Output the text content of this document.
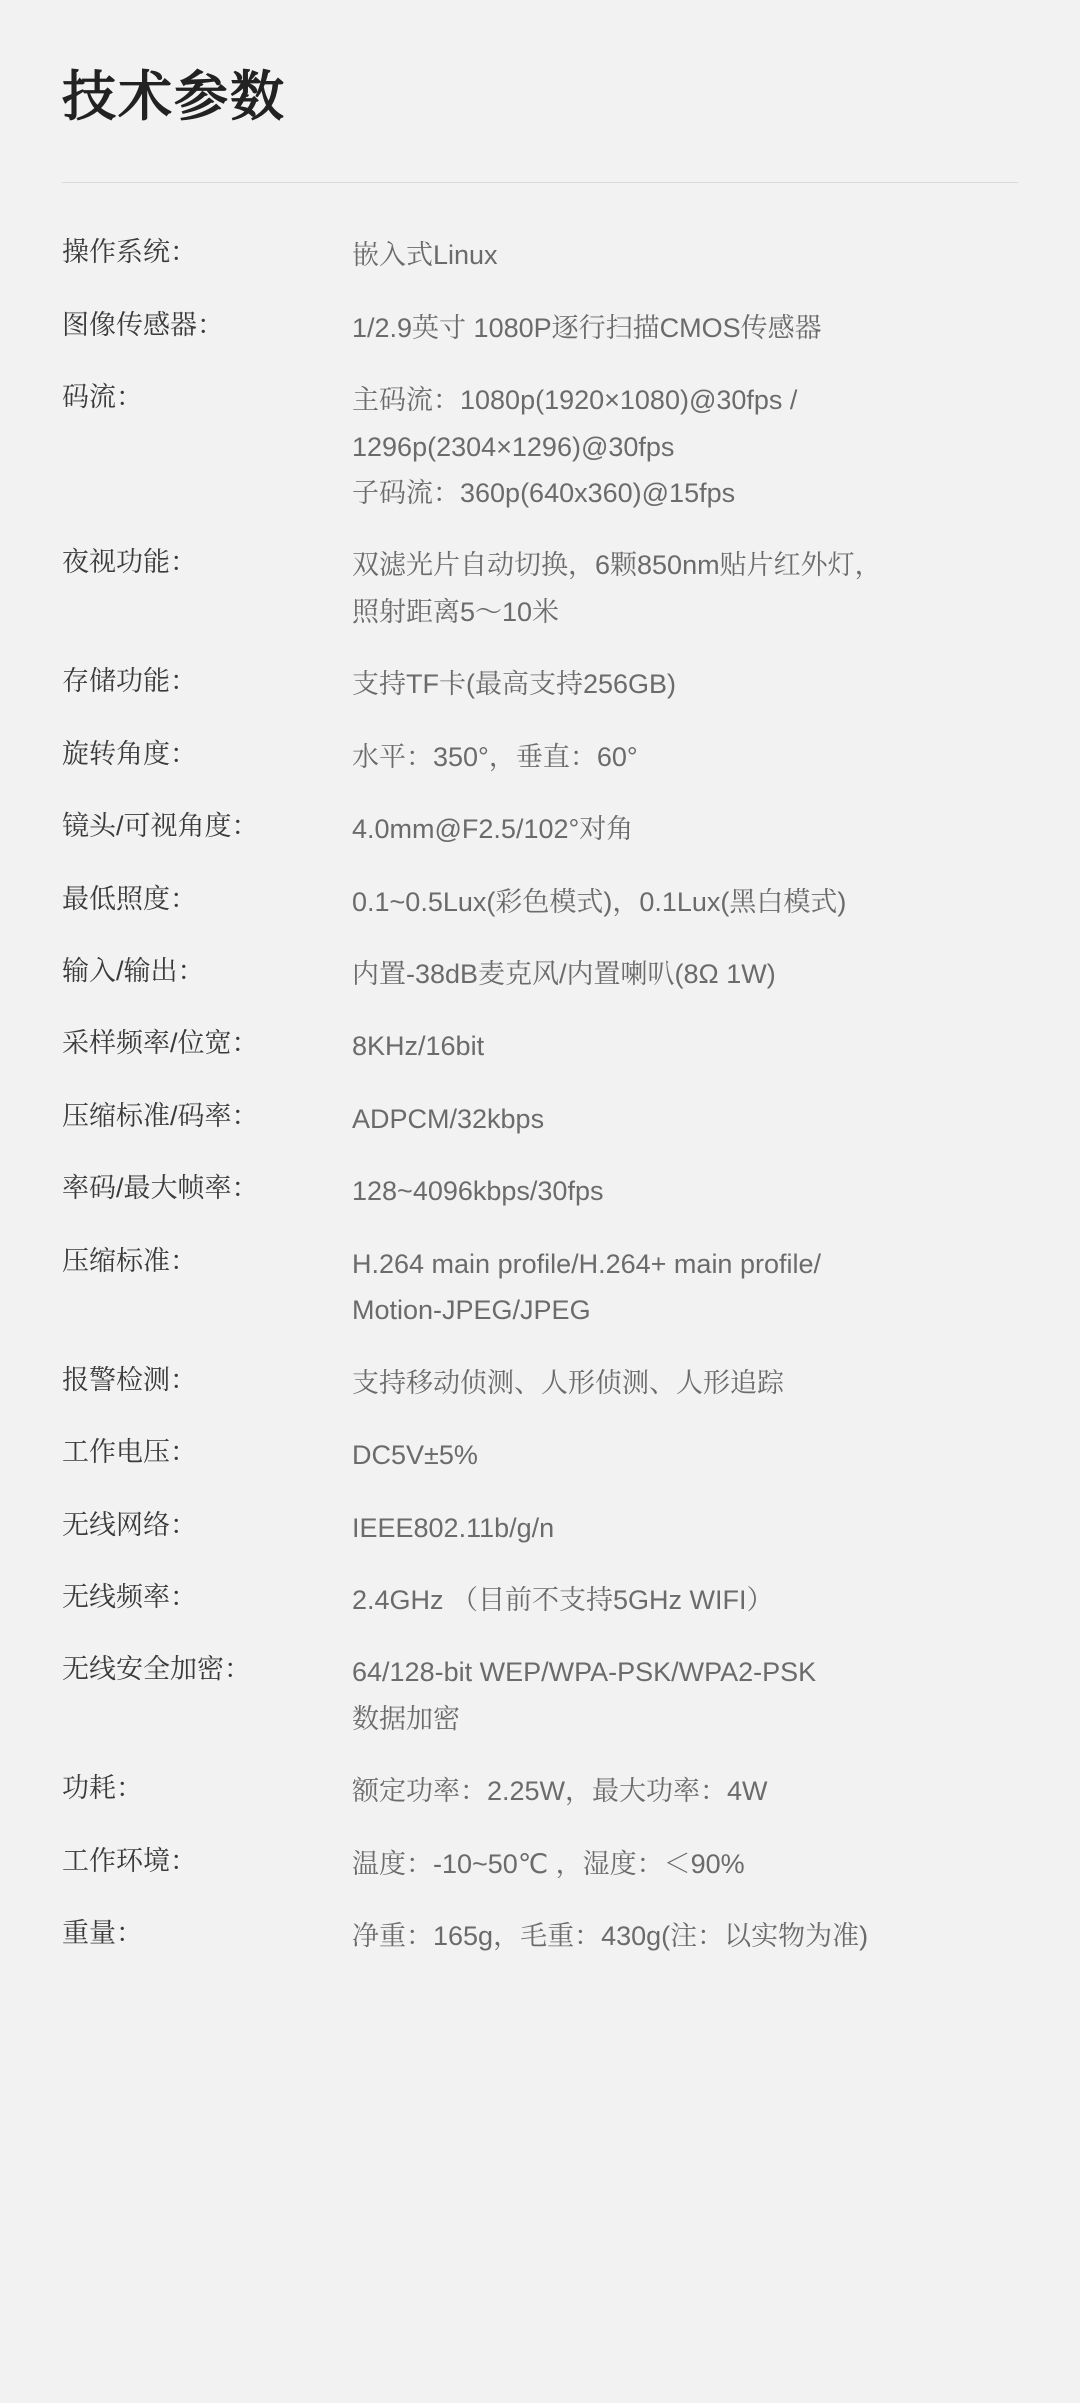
技术参数
操作系统：	嵌入式Linux

图像传感器：	1/2.9英寸 1080P逐行扫描CMOS传感器

码流：	主码流：1080p(1920×1080)@30fps /
1296p(2304×1296)@30fps
子码流：360p(640x360)@15fps

夜视功能：	双滤光片自动切换，6颗850nm贴片红外灯，
照射距离5～10米

存储功能：	支持TF卡(最高支持256GB)

旋转角度：	水平：350°，垂直：60°

镜头/可视角度：	4.0mm@F2.5/102°对角

最低照度：	0.1~0.5Lux(彩色模式)，0.1Lux(黑白模式)

输入/输出：	内置-38dB麦克风/内置喇叭(8Ω 1W)

采样频率/位宽：	8KHz/16bit

压缩标准/码率：	ADPCM/32kbps

率码/最大帧率：	128~4096kbps/30fps

压缩标准：	H.264 main profile/H.264+ main profile/
Motion-JPEG/JPEG

报警检测：	支持移动侦测、人形侦测、人形追踪

工作电压：	DC5V±5%

无线网络：	IEEE802.11b/g/n

无线频率：	2.4GHz （目前不支持5GHz WIFI）

无线安全加密：	64/128-bit WEP/WPA-PSK/WPA2-PSK
数据加密

功耗：	额定功率：2.25W，最大功率：4W

工作环境：	温度：-10~50℃ ，湿度：＜90%

重量：	净重：165g，毛重：430g(注：以实物为准)
